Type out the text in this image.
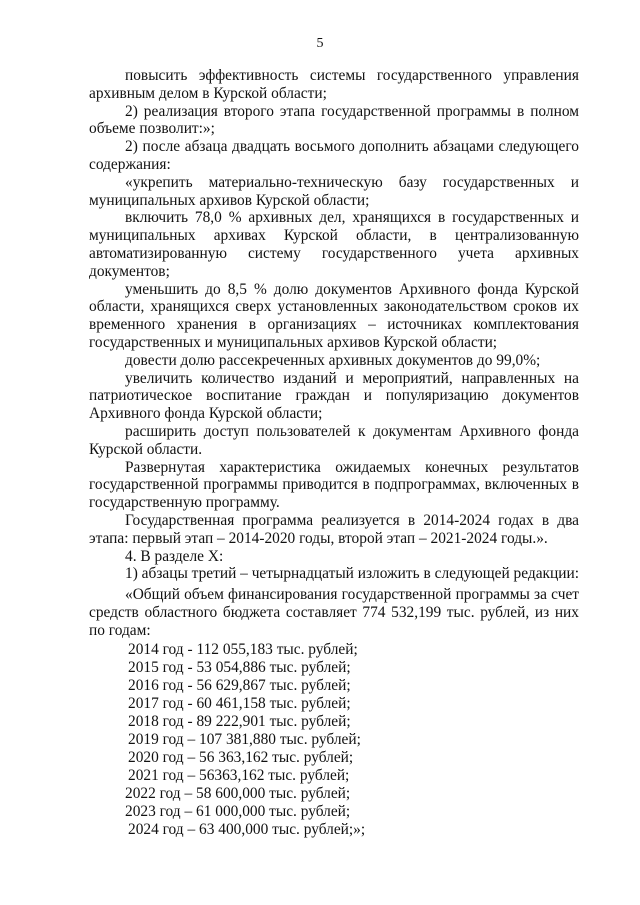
5

повысить эффективность системы государственного управления архивным делом в Курской области;

2) реализация второго этапа государственной программы в полном объеме позволит:»;

2) после абзаца двадцать восьмого дополнить абзацами следующего содержания:

«укрепить материально-техническую базу государственных и муниципальных архивов Курской области;

включить 78,0 % архивных дел, хранящихся в государственных и муниципальных архивах Курской области, в централизованную автоматизированную систему государственного учета архивных документов;

уменьшить до 8,5 % долю документов Архивного фонда Курской области, хранящихся сверх установленных законодательством сроков их временного хранения в организациях – источниках комплектования государственных и муниципальных архивов Курской области;

довести долю рассекреченных архивных документов до 99,0%;

увеличить количество изданий и мероприятий, направленных на патриотическое воспитание граждан и популяризацию документов Архивного фонда Курской области;

расширить доступ пользователей к документам Архивного фонда Курской области.

Развернутая характеристика ожидаемых конечных результатов государственной программы приводится в подпрограммах, включенных в государственную программу.

Государственная программа реализуется в 2014-2024 годах в два этапа: первый этап – 2014-2020 годы, второй этап – 2021-2024 годы.».

4. В разделе X:

1) абзацы третий – четырнадцатый изложить в следующей редакции:

«Общий объем финансирования государственной программы за счет средств областного бюджета составляет 774 532,199 тыс. рублей, из них по годам:

2014 год - 112 055,183 тыс. рублей;
2015 год - 53 054,886 тыс. рублей;
2016 год - 56 629,867 тыс. рублей;
2017 год - 60 461,158 тыс. рублей;
2018 год - 89 222,901 тыс. рублей;
2019 год – 107 381,880 тыс. рублей;
2020 год – 56 363,162 тыс. рублей;
2021 год – 56363,162 тыс. рублей;
2022 год – 58 600,000 тыс. рублей;
2023 год – 61 000,000 тыс. рублей;
2024 год – 63 400,000 тыс. рублей;»;
